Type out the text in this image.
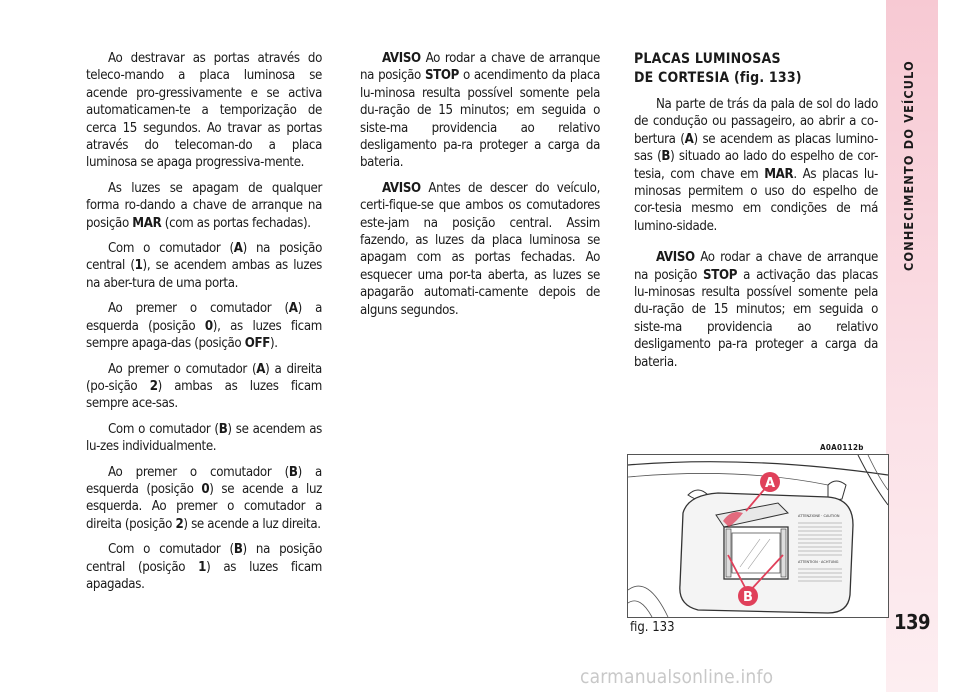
CONHECIMENTO DO VEÍCULO
139

Ao destravar as portas através do teleco-mando a placa luminosa se acende pro-gressivamente e se activa automaticamen-te a temporização de cerca 15 segundos. Ao travar as portas através do telecoman-do a placa luminosa se apaga progressiva-mente.

As luzes se apagam de qualquer forma ro-dando a chave de arranque na posição MAR (com as portas fechadas).

Com o comutador (A) na posição central (1), se acendem ambas as luzes na aber-tura de uma porta.

Ao premer o comutador (A) a esquerda (posição 0), as luzes ficam sempre apaga-das (posição OFF).

Ao premer o comutador (A) a direita (po-sição 2) ambas as luzes ficam sempre ace-sas.

Com o comutador (B) se acendem as lu-zes individualmente.

Ao premer o comutador (B) a esquerda (posição 0) se acende a luz esquerda. Ao premer o comutador a direita (posição 2) se acende a luz direita.

Com o comutador (B) na posição central (posição 1) as luzes ficam apagadas.

AVISO Ao rodar a chave de arranque na posição STOP o acendimento da placa lu-minosa resulta possível somente pela du-ração de 15 minutos; em seguida o siste-ma providencia ao relativo desligamento pa-ra proteger a carga da bateria.

AVISO Antes de descer do veículo, certi-fique-se que ambos os comutadores este-jam na posição central. Assim fazendo, as luzes da placa luminosa se apagam com as portas fechadas. Ao esquecer uma por-ta aberta, as luzes se apagarão automati-camente depois de alguns segundos.

PLACAS LUMINOSAS
DE CORTESIA (fig. 133)

Na parte de trás da pala de sol do lado de condução ou passageiro, ao abrir a co-bertura (A) se acendem as placas lumino-sas (B) situado ao lado do espelho de cor-tesia, com chave em MAR. As placas lu-minosas permitem o uso do espelho de cor-tesia mesmo em condições de má lumino-sidade.

AVISO Ao rodar a chave de arranque na posição STOP a activação das placas lu-minosas resulta possível somente pela du-ração de 15 minutos; em seguida o siste-ma providencia ao relativo desligamento pa-ra proteger a carga da bateria.

A0A0112b
ATTENZIONE · CAUTION
ATTENTION · ACHTUNG
A
B
fig. 133
carmanualsonline.info
